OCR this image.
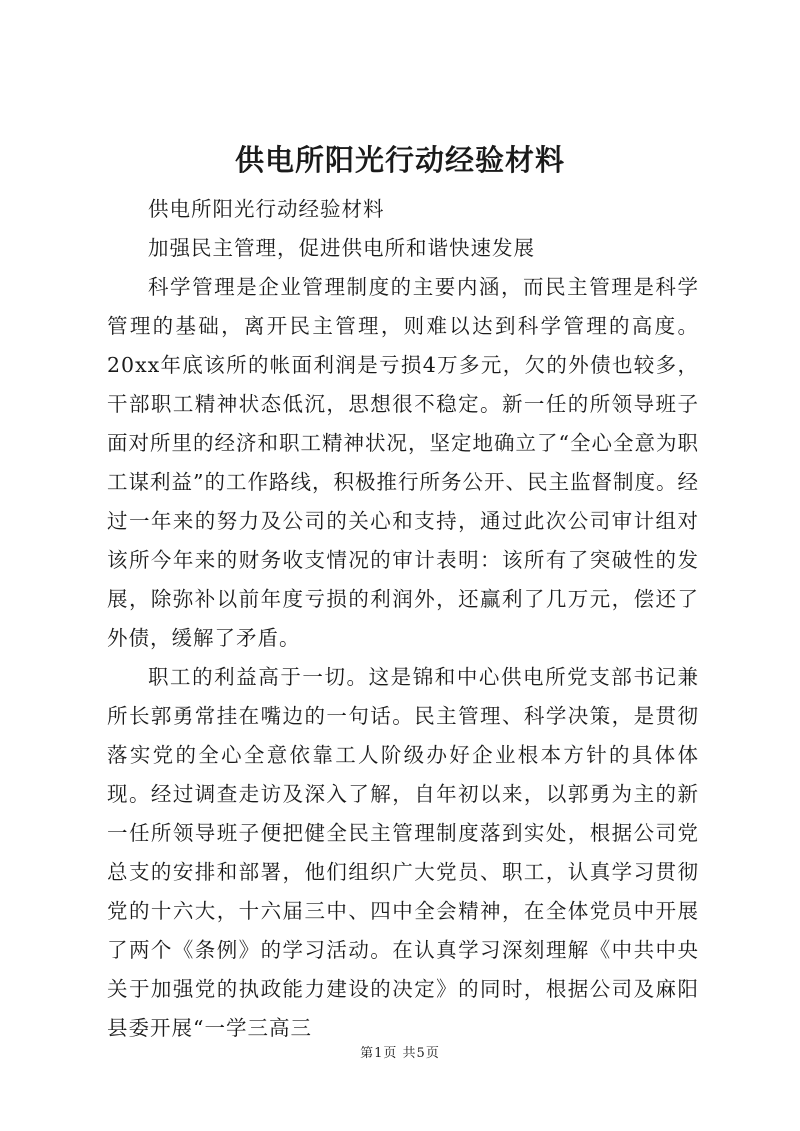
供电所阳光行动经验材料

供电所阳光行动经验材料

加强民主管理，促进供电所和谐快速发展

科学管理是企业管理制度的主要内涵，而民主管理是科学管理的基础，离开民主管理，则难以达到科学管理的高度。20xx年底该所的帐面利润是亏损4万多元，欠的外债也较多，干部职工精神状态低沉，思想很不稳定。新一任的所领导班子面对所里的经济和职工精神状况，坚定地确立了“全心全意为职工谋利益”的工作路线，积极推行所务公开、民主监督制度。经过一年来的努力及公司的关心和支持，通过此次公司审计组对该所今年来的财务收支情况的审计表明：该所有了突破性的发展，除弥补以前年度亏损的利润外，还赢利了几万元，偿还了外债，缓解了矛盾。

职工的利益高于一切。这是锦和中心供电所党支部书记兼所长郭勇常挂在嘴边的一句话。民主管理、科学决策，是贯彻落实党的全心全意依靠工人阶级办好企业根本方针的具体体现。经过调查走访及深入了解，自年初以来，以郭勇为主的新一任所领导班子便把健全民主管理制度落到实处，根据公司党总支的安排和部署，他们组织广大党员、职工，认真学习贯彻党的十六大，十六届三中、四中全会精神，在全体党员中开展了两个《条例》的学习活动。在认真学习深刻理解《中共中央关于加强党的执政能力建设的决定》的同时，根据公司及麻阳县委开展“一学三高三

第1页 共5页
